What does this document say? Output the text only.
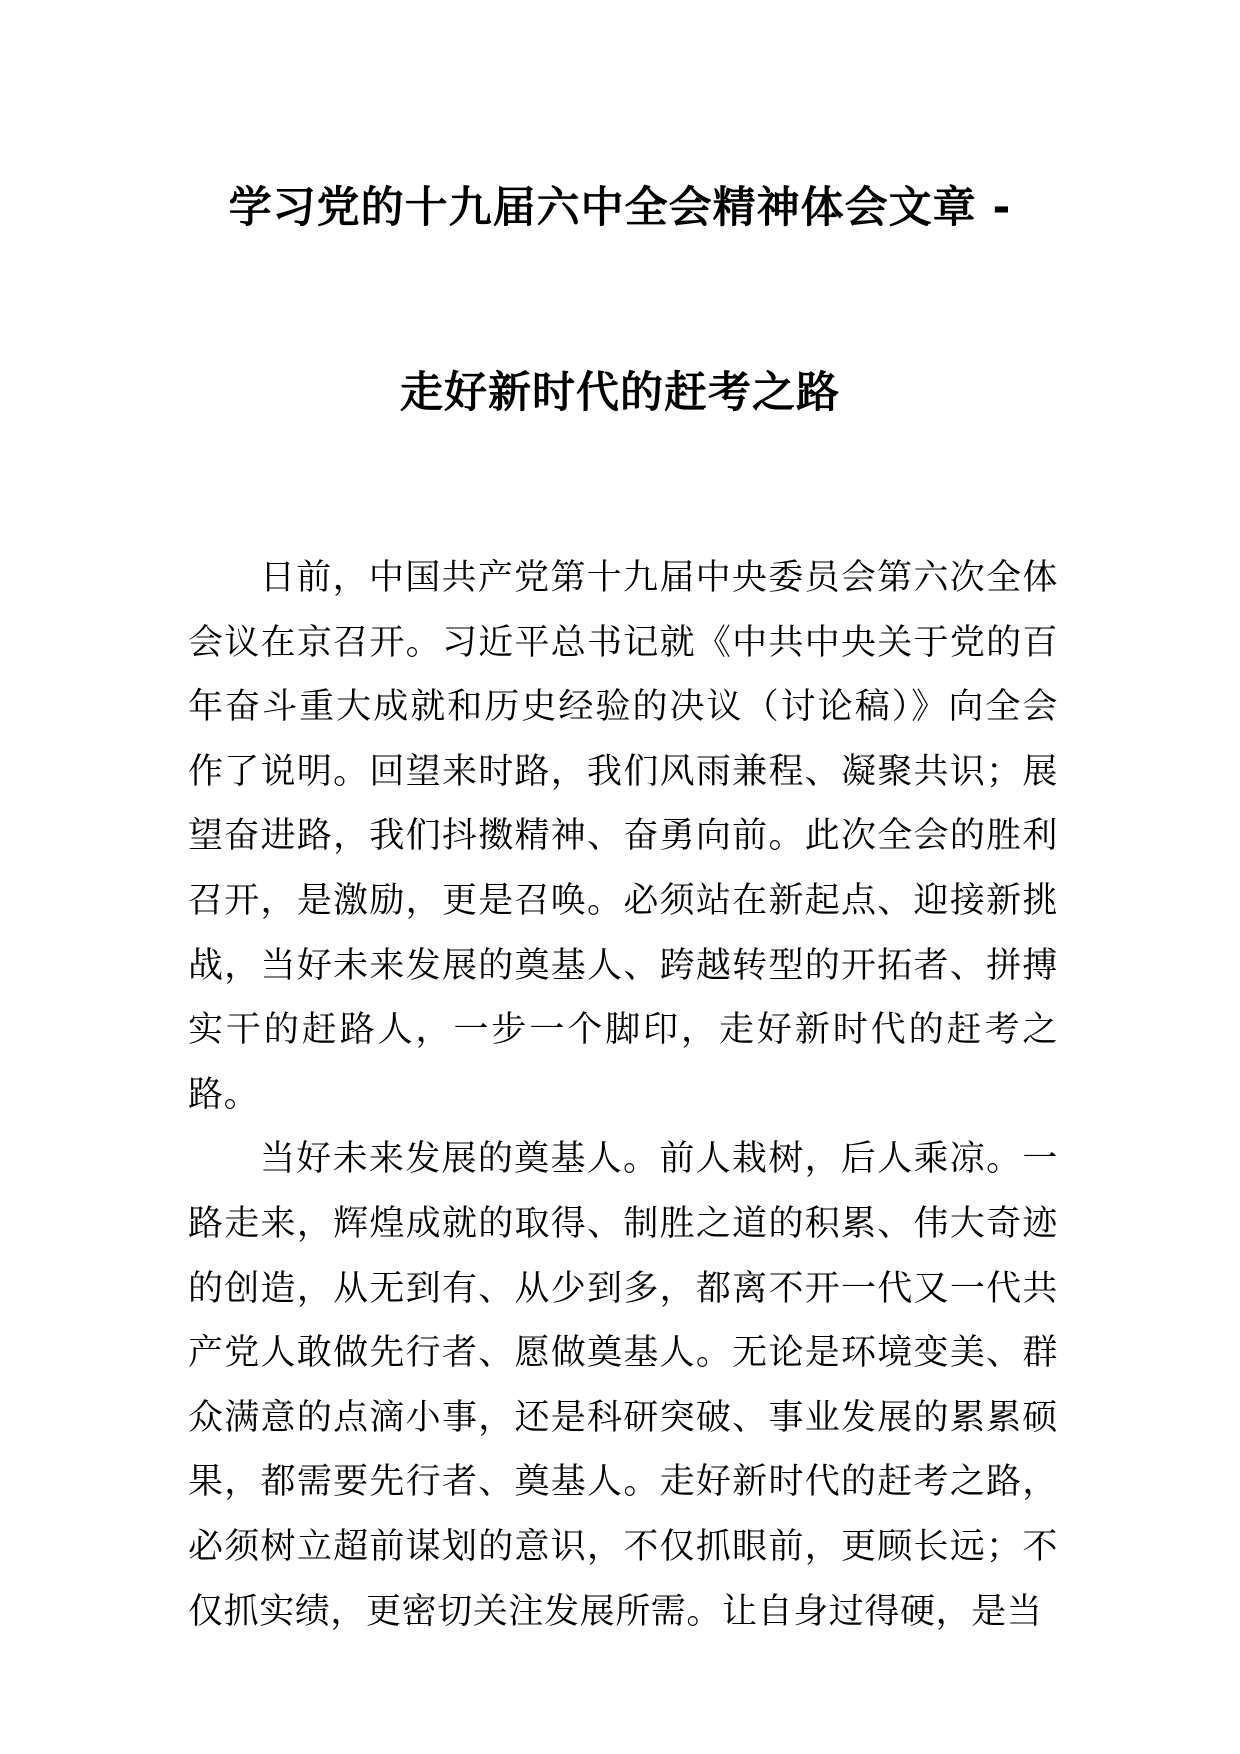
学习党的十九届六中全会精神体会文章 -
走好新时代的赶考之路

日前，中国共产党第十九届中央委员会第六次全体会议在京召开。习近平总书记就《中共中央关于党的百年奋斗重大成就和历史经验的决议（讨论稿）》向全会作了说明。回望来时路，我们风雨兼程、凝聚共识；展望奋进路，我们抖擞精神、奋勇向前。此次全会的胜利召开，是激励，更是召唤。必须站在新起点、迎接新挑战，当好未来发展的奠基人、跨越转型的开拓者、拼搏实干的赶路人，一步一个脚印，走好新时代的赶考之路。

当好未来发展的奠基人。前人栽树，后人乘凉。一路走来，辉煌成就的取得、制胜之道的积累、伟大奇迹的创造，从无到有、从少到多，都离不开一代又一代共产党人敢做先行者、愿做奠基人。无论是环境变美、群众满意的点滴小事，还是科研突破、事业发展的累累硕果，都需要先行者、奠基人。走好新时代的赶考之路，必须树立超前谋划的意识，不仅抓眼前，更顾长远；不仅抓实绩，更密切关注发展所需。让自身过得硬，是当
